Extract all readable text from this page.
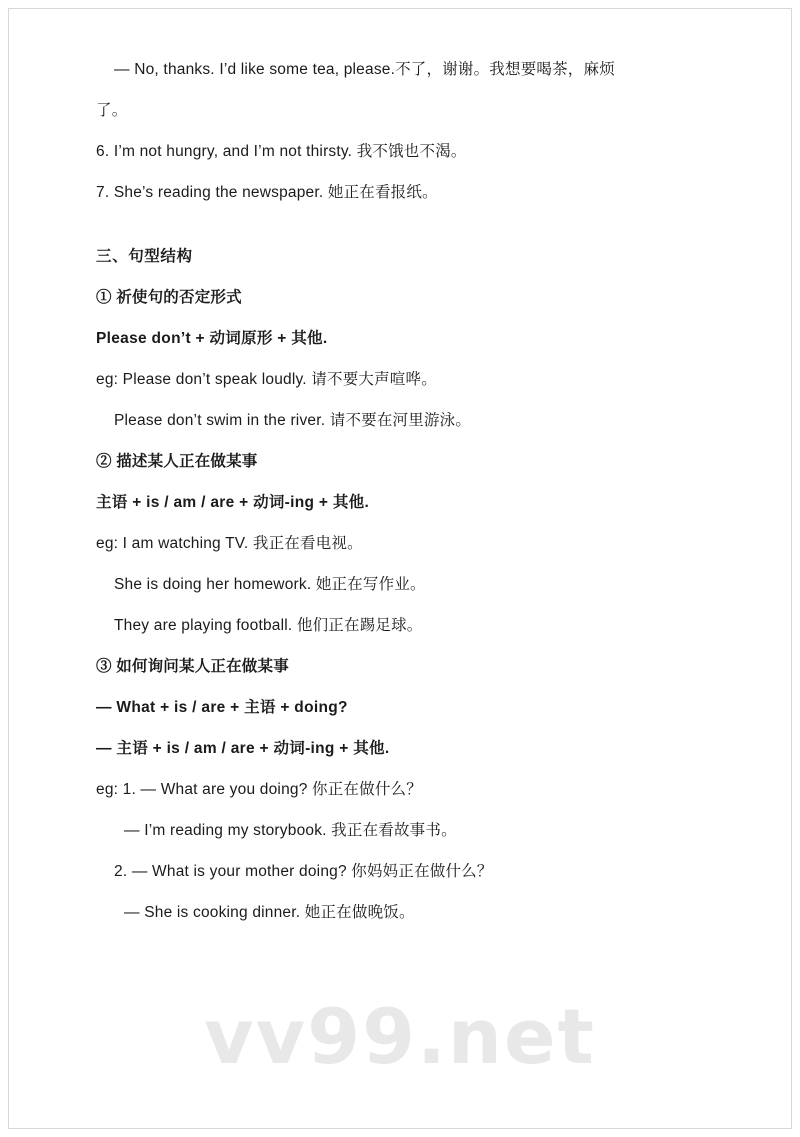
— No, thanks. I’d like some tea, please.不了，谢谢。我想要喝茶，麻烦

了。

6. I’m not hungry, and I’m not thirsty. 我不饿也不渴。

7. She’s reading the newspaper. 她正在看报纸。

三、句型结构

① 祈使句的否定形式

Please don’t + 动词原形 + 其他.

eg: Please don’t speak loudly. 请不要大声喧哗。

Please don’t swim in the river. 请不要在河里游泳。

② 描述某人正在做某事

主语 + is / am / are + 动词-ing + 其他.

eg: I am watching TV. 我正在看电视。

She is doing her homework. 她正在写作业。

They are playing football. 他们正在踢足球。

③ 如何询问某人正在做某事

— What + is / are + 主语 + doing?

— 主语 + is / am / are + 动词-ing + 其他.

eg: 1. — What are you doing? 你正在做什么？

— I’m reading my storybook. 我正在看故事书。

2. — What is your mother doing? 你妈妈正在做什么？

— She is cooking dinner. 她正在做晚饭。

vv99.net
